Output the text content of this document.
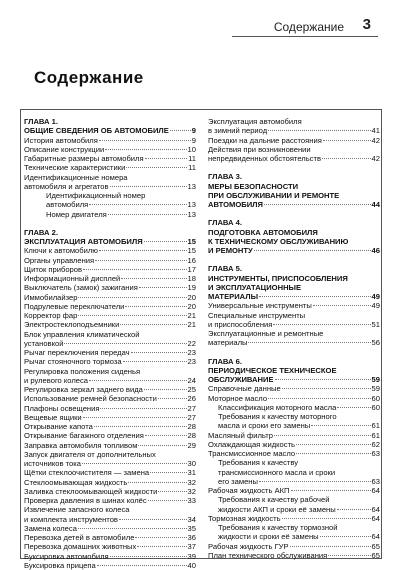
Содержание 3
Содержание
ГЛАВА 1.
ОБЩИЕ СВЕДЕНИЯ ОБ АВТОМОБИЛЕ	9
История автомобиля	9
Описание конструкции	10
Габаритные размеры автомобиля	11
Технические характеристики	11
Идентификационные номера
автомобиля и агрегатов	13
Идентификационный номер
автомобиля	13
Номер двигателя	13
ГЛАВА 2.
ЭКСПЛУАТАЦИЯ АВТОМОБИЛЯ	15
Ключи к автомобилю	15
Органы управления	16
Щиток приборов	17
Информационный дисплей	18
Выключатель (замок) зажигания	19
Иммобилайзер	20
Подрулевые переключатели	20
Корректор фар	21
Электростеклоподъемники	21
Блок управления климатической
установкой	22
Рычаг переключения передач	23
Рычаг стояночного тормоза	23
Регулировка положения сиденья
и рулевого колеса	24
Регулировка зеркал заднего вида	25
Использование ремней безопасности	26
Плафоны освещения	27
Вещевые ящики	27
Открывание капота	28
Открывание багажного отделения	28
Заправка автомобиля топливом	29
Запуск двигателя от дополнительных
источников тока	30
Щётки стеклоочистителя — замена	31
Стеклоомывающая жидкость	32
Заливка стеклоомывающей жидкости	32
Проверка давления в шинах колёс	33
Извлечение запасного колеса
и комплекта инструментов	34
Замена колеса	35
Перевозка детей в автомобиле	36
Перевозка домашних животных	37
Буксировка автомобиля	39
Буксировка прицепа	40
Эксплуатация автомобиля
в зимний период	41
Поездки на дальние расстояния	42
Действия при возникновении
непредвиденных обстоятельств	42
ГЛАВА 3.
МЕРЫ БЕЗОПАСНОСТИ
ПРИ ОБСЛУЖИВАНИИ И РЕМОНТЕ
АВТОМОБИЛЯ	44
ГЛАВА 4.
ПОДГОТОВКА АВТОМОБИЛЯ
К ТЕХНИЧЕСКОМУ ОБСЛУЖИВАНИЮ
И РЕМОНТУ	46
ГЛАВА 5.
ИНСТРУМЕНТЫ, ПРИСПОСОБЛЕНИЯ
И ЭКСПЛУАТАЦИОННЫЕ
МАТЕРИАЛЫ	49
Универсальные инструменты	49
Специальные инструменты
и приспособления	51
Эксплуатационные и ремонтные
материалы	56
ГЛАВА 6.
ПЕРИОДИЧЕСКОЕ ТЕХНИЧЕСКОЕ
ОБСЛУЖИВАНИЕ	59
Справочные данные	59
Моторное масло	60
Классификация моторного масла	60
Требования к качеству моторного
масла и сроки его замены	61
Масляный фильтр	61
Охлаждающая жидкость	62
Трансмиссионное масло	63
Требования к качеству
трансмиссионного масла и сроки
его замены	63
Рабочая жидкость АКП	64
Требования к качеству рабочей
жидкости АКП и сроки её замены	64
Тормозная жидкость	64
Требования к качеству тормозной
жидкости и сроки её замены	64
Рабочая жидкость ГУР	65
План технического обслуживания	65
